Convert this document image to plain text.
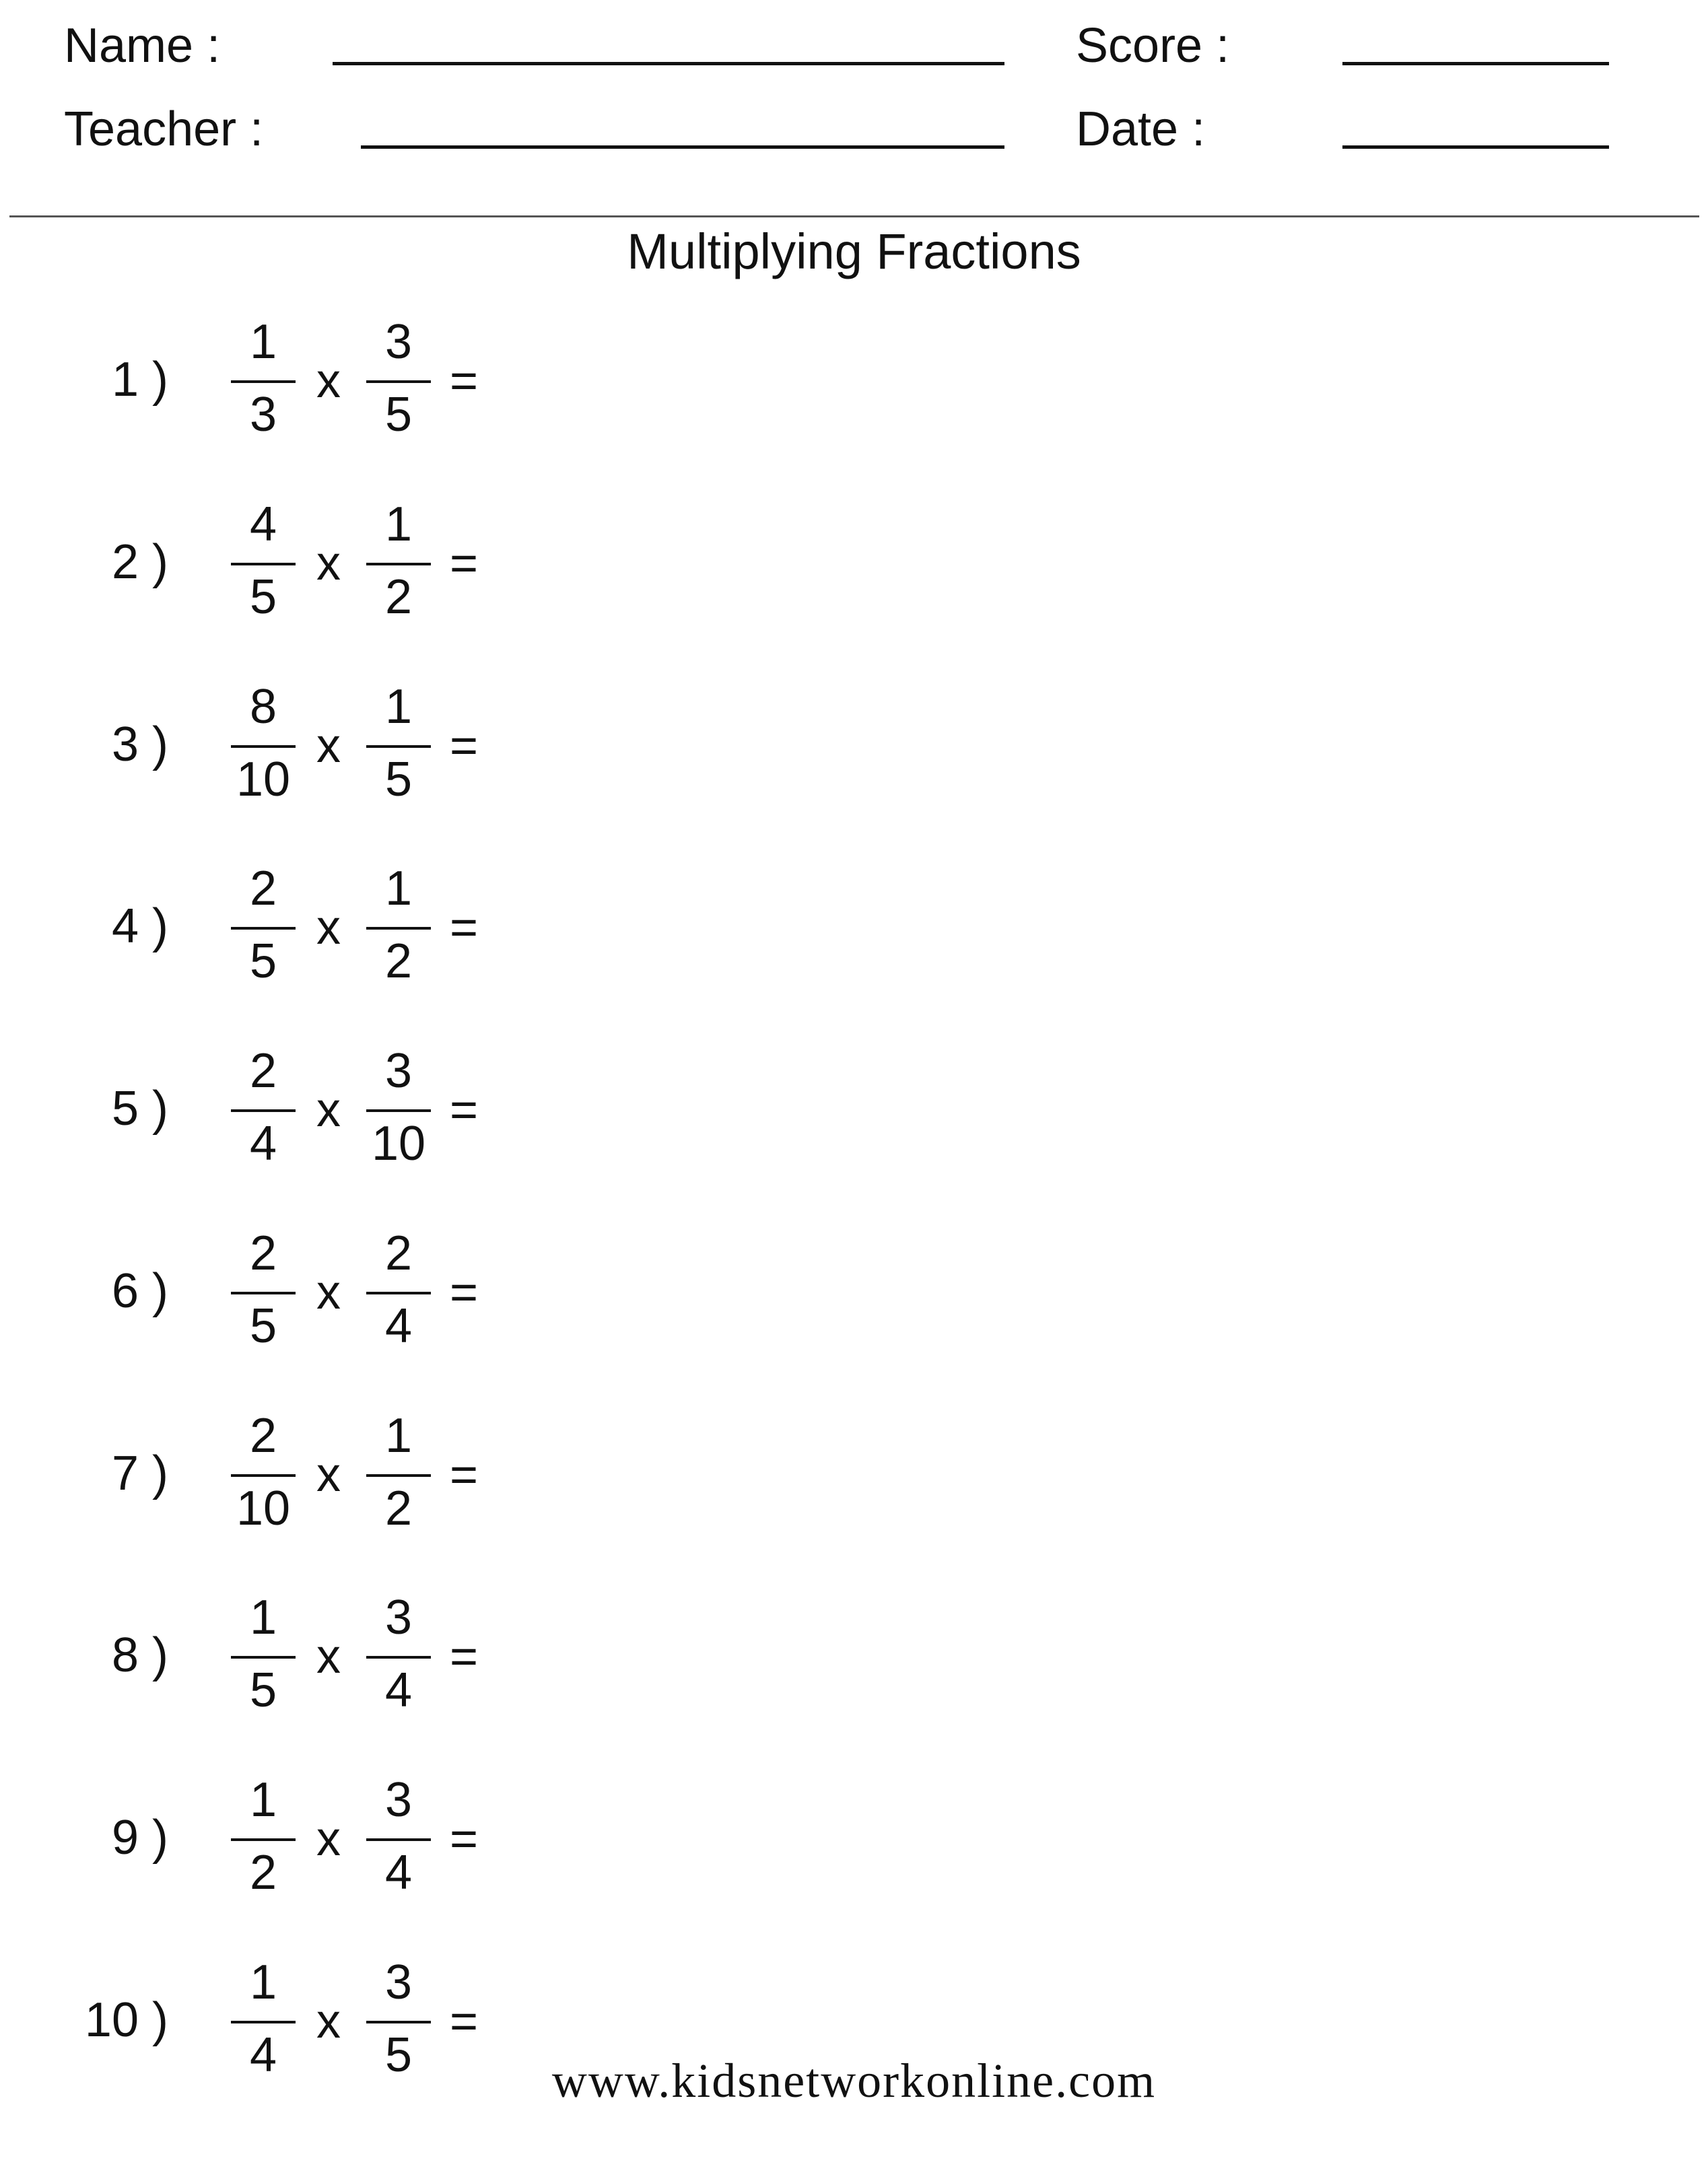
Name :	Score :
Teacher :	Date :
Multiplying Fractions
1 )
1
3
x
3
5
=
2 )
4
5
x
1
2
=
3 )
8
10
x
1
5
=
4 )
2
5
x
1
2
=
5 )
2
4
x
3
10
=
6 )
2
5
x
2
4
=
7 )
2
10
x
1
2
=
8 )
1
5
x
3
4
=
9 )
1
2
x
3
4
=
10 )
1
4
x
3
5
=
www.kidsnetworkonline.com
